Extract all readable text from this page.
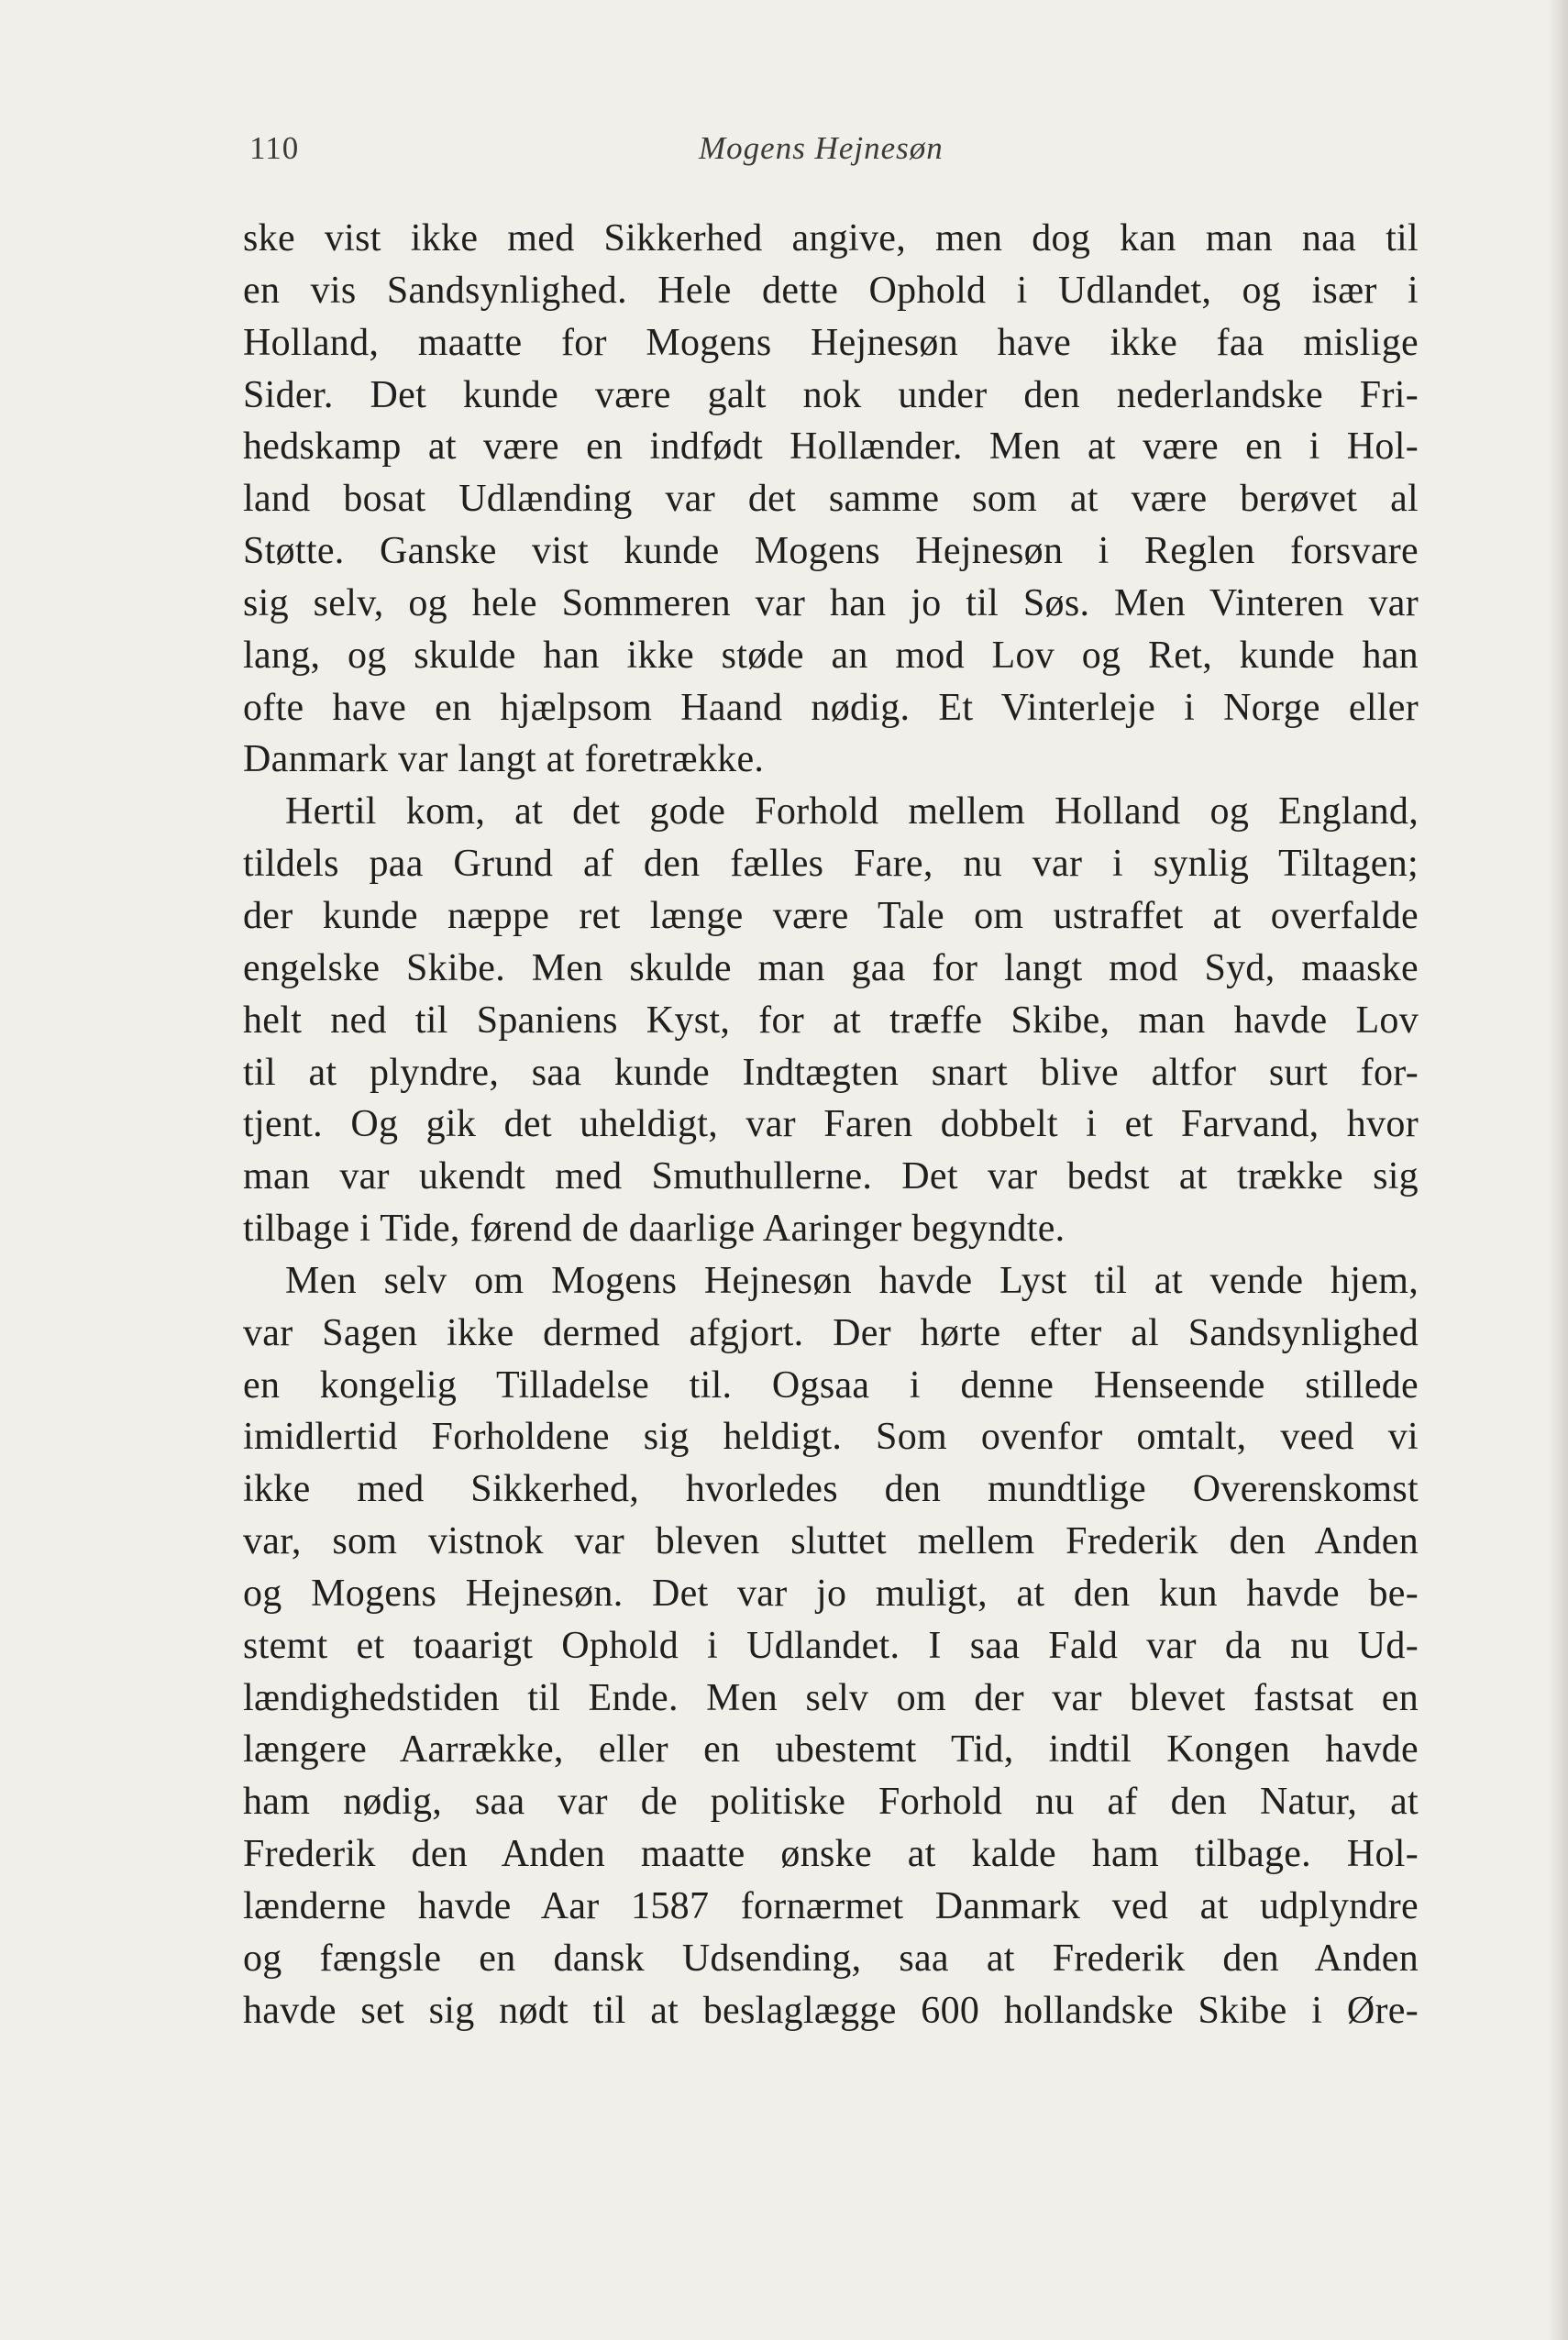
110	Mogens Hejnesøn
ske vist ikke med Sikkerhed angive, men dog kan man naa til
en vis Sandsynlighed. Hele dette Ophold i Udlandet, og især i
Holland, maatte for Mogens Hejnesøn have ikke faa mislige
Sider. Det kunde være galt nok under den nederlandske Fri-
hedskamp at være en indfødt Hollænder. Men at være en i Hol-
land bosat Udlænding var det samme som at være berøvet al
Støtte. Ganske vist kunde Mogens Hejnesøn i Reglen forsvare
sig selv, og hele Sommeren var han jo til Søs. Men Vinteren var
lang, og skulde han ikke støde an mod Lov og Ret, kunde han
ofte have en hjælpsom Haand nødig. Et Vinterleje i Norge eller
Danmark var langt at foretrække.
Hertil kom, at det gode Forhold mellem Holland og England,
tildels paa Grund af den fælles Fare, nu var i synlig Tiltagen;
der kunde næppe ret længe være Tale om ustraffet at overfalde
engelske Skibe. Men skulde man gaa for langt mod Syd, maaske
helt ned til Spaniens Kyst, for at træffe Skibe, man havde Lov
til at plyndre, saa kunde Indtægten snart blive altfor surt for-
tjent. Og gik det uheldigt, var Faren dobbelt i et Farvand, hvor
man var ukendt med Smuthullerne. Det var bedst at trække sig
tilbage i Tide, førend de daarlige Aaringer begyndte.
Men selv om Mogens Hejnesøn havde Lyst til at vende hjem,
var Sagen ikke dermed afgjort. Der hørte efter al Sandsynlighed
en kongelig Tilladelse til. Ogsaa i denne Henseende stillede
imidlertid Forholdene sig heldigt. Som ovenfor omtalt, veed vi
ikke med Sikkerhed, hvorledes den mundtlige Overenskomst
var, som vistnok var bleven sluttet mellem Frederik den Anden
og Mogens Hejnesøn. Det var jo muligt, at den kun havde be-
stemt et toaarigt Ophold i Udlandet. I saa Fald var da nu Ud-
lændighedstiden til Ende. Men selv om der var blevet fastsat en
længere Aarrække, eller en ubestemt Tid, indtil Kongen havde
ham nødig, saa var de politiske Forhold nu af den Natur, at
Frederik den Anden maatte ønske at kalde ham tilbage. Hol-
lænderne havde Aar 1587 fornærmet Danmark ved at udplyndre
og fængsle en dansk Udsending, saa at Frederik den Anden
havde set sig nødt til at beslaglægge 600 hollandske Skibe i Øre-
